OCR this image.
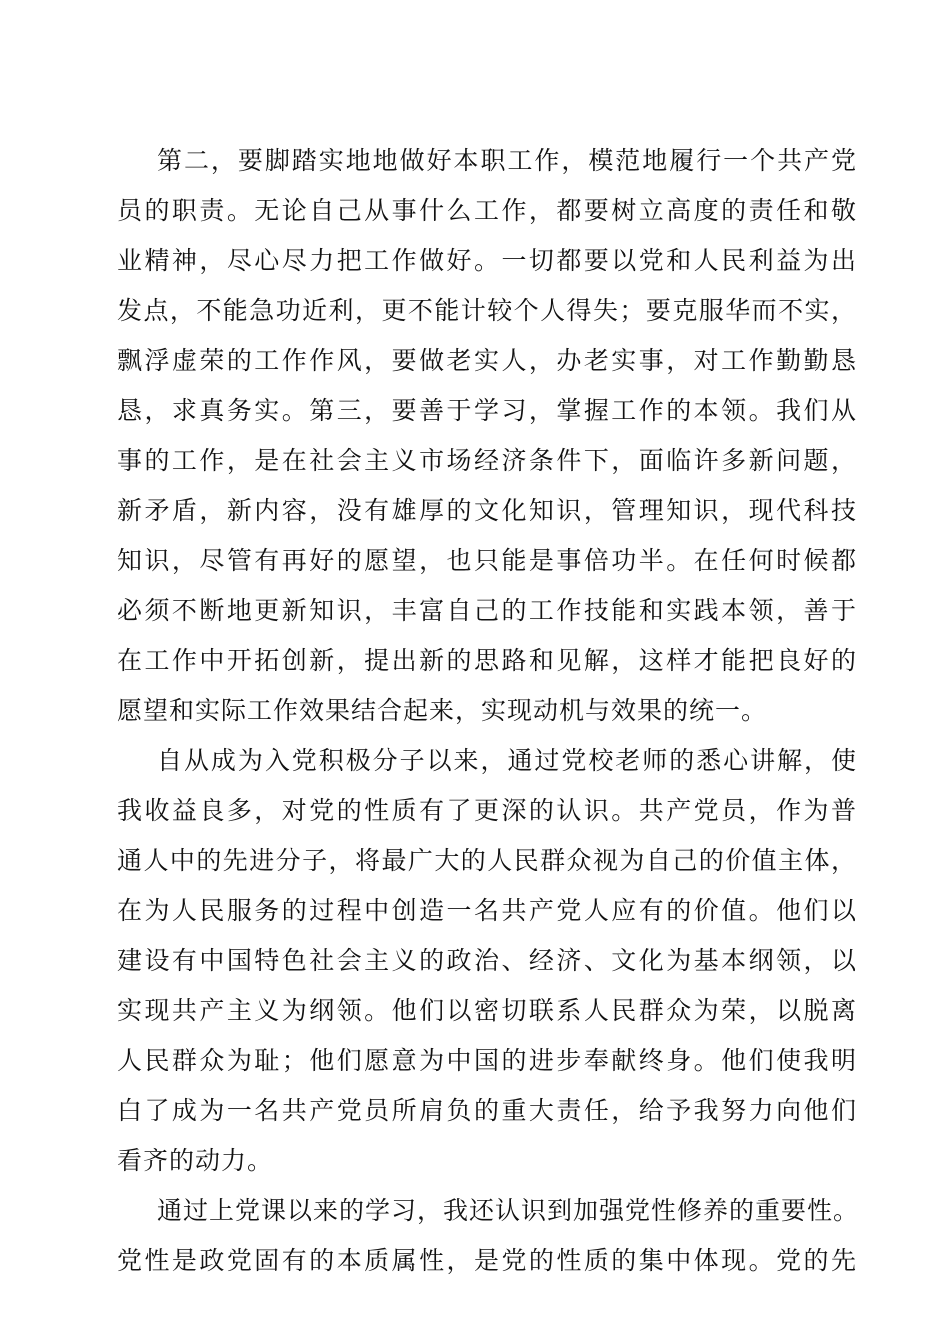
第二，要脚踏实地地做好本职工作，模范地履行一个共产党
员的职责。无论自己从事什么工作，都要树立高度的责任和敬
业精神，尽心尽力把工作做好。一切都要以党和人民利益为出
发点，不能急功近利，更不能计较个人得失；要克服华而不实，
飘浮虚荣的工作作风，要做老实人，办老实事，对工作勤勤恳
恳，求真务实。第三，要善于学习，掌握工作的本领。我们从
事的工作，是在社会主义市场经济条件下，面临许多新问题，
新矛盾，新内容，没有雄厚的文化知识，管理知识，现代科技
知识，尽管有再好的愿望，也只能是事倍功半。在任何时候都
必须不断地更新知识，丰富自己的工作技能和实践本领，善于
在工作中开拓创新，提出新的思路和见解，这样才能把良好的
愿望和实际工作效果结合起来，实现动机与效果的统一。
自从成为入党积极分子以来，通过党校老师的悉心讲解，使
我收益良多，对党的性质有了更深的认识。共产党员，作为普
通人中的先进分子，将最广大的人民群众视为自己的价值主体，
在为人民服务的过程中创造一名共产党人应有的价值。他们以
建设有中国特色社会主义的政治、经济、文化为基本纲领，以
实现共产主义为纲领。他们以密切联系人民群众为荣，以脱离
人民群众为耻；他们愿意为中国的进步奉献终身。他们使我明
白了成为一名共产党员所肩负的重大责任，给予我努力向他们
看齐的动力。
通过上党课以来的学习，我还认识到加强党性修养的重要性。
党性是政党固有的本质属性，是党的性质的集中体现。党的先
